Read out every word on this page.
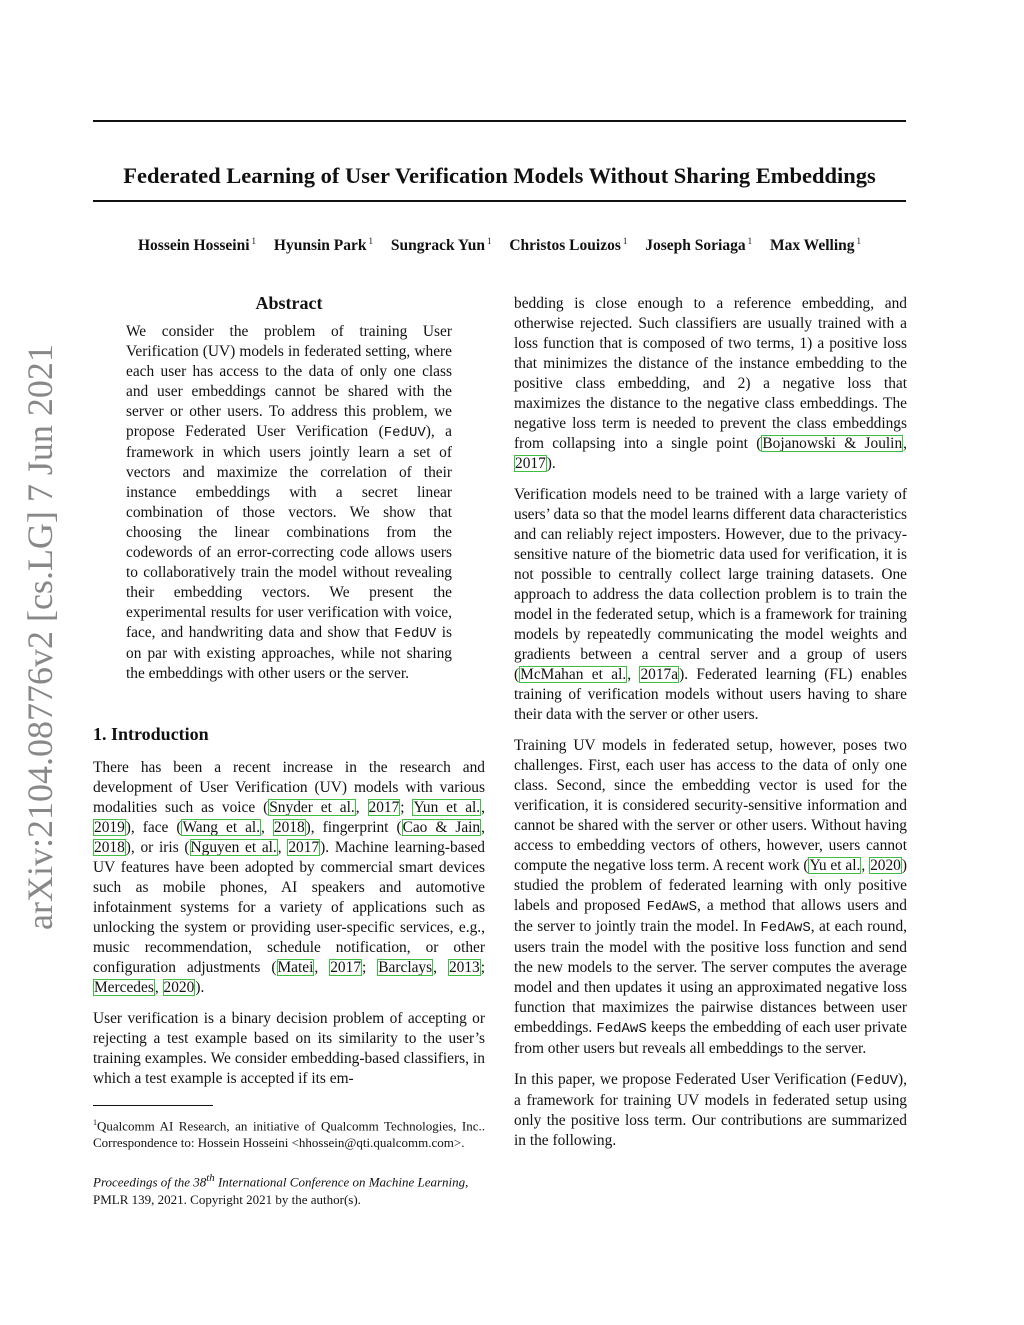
Federated Learning of User Verification Models Without Sharing Embeddings
Hossein Hosseini $^1$ Hyunsin Park $^1$ Sungrack Yun $^1$ Christos Louizos $^1$ Joseph Soriaga $^1$ Max Welling $^1$
arXiv:2104.08776v2 [cs.LG] 7 Jun 2021
Abstract

We consider the problem of training User Verification (UV) models in federated setting, where each user has access to the data of only one class and user embeddings cannot be shared with the server or other users. To address this problem, we propose Federated User Verification (FedUV), a framework in which users jointly learn a set of vectors and maximize the correlation of their instance embeddings with a secret linear combination of those vectors. We show that choosing the linear combinations from the codewords of an error-correcting code allows users to collaboratively train the model without revealing their embedding vectors. We present the experimental results for user verification with voice, face, and handwriting data and show that FedUV is on par with existing approaches, while not sharing the embeddings with other users or the server.

1. Introduction

There has been a recent increase in the research and development of User Verification (UV) models with various modalities such as voice (Snyder et al., 2017; Yun et al., 2019), face (Wang et al., 2018), fingerprint (Cao & Jain, 2018), or iris (Nguyen et al., 2017). Machine learning-based UV features have been adopted by commercial smart devices such as mobile phones, AI speakers and automotive infotainment systems for a variety of applications such as unlocking the system or providing user-specific services, e.g., music recommendation, schedule notification, or other configuration adjustments (Matei, 2017; Barclays, 2013; Mercedes, 2020).

User verification is a binary decision problem of accepting or rejecting a test example based on its similarity to the user’s training examples. We consider embedding-based classifiers, in which a test example is accepted if its em-

$^1$Qualcomm AI Research, an initiative of Qualcomm Technologies, Inc.. Correspondence to: Hossein Hosseini <hhossein@qti.qualcomm.com>.
Proceedings of the 38th International Conference on Machine Learning, PMLR 139, 2021. Copyright 2021 by the author(s).

bedding is close enough to a reference embedding, and otherwise rejected. Such classifiers are usually trained with a loss function that is composed of two terms, 1) a positive loss that minimizes the distance of the instance embedding to the positive class embedding, and 2) a negative loss that maximizes the distance to the negative class embeddings. The negative loss term is needed to prevent the class embeddings from collapsing into a single point (Bojanowski & Joulin, 2017).

Verification models need to be trained with a large variety of users’ data so that the model learns different data characteristics and can reliably reject imposters. However, due to the privacy-sensitive nature of the biometric data used for verification, it is not possible to centrally collect large training datasets. One approach to address the data collection problem is to train the model in the federated setup, which is a framework for training models by repeatedly communicating the model weights and gradients between a central server and a group of users (McMahan et al., 2017a). Federated learning (FL) enables training of verification models without users having to share their data with the server or other users.

Training UV models in federated setup, however, poses two challenges. First, each user has access to the data of only one class. Second, since the embedding vector is used for the verification, it is considered security-sensitive information and cannot be shared with the server or other users. Without having access to embedding vectors of others, however, users cannot compute the negative loss term. A recent work (Yu et al., 2020) studied the problem of federated learning with only positive labels and proposed FedAwS, a method that allows users and the server to jointly train the model. In FedAwS, at each round, users train the model with the positive loss function and send the new models to the server. The server computes the average model and then updates it using an approximated negative loss function that maximizes the pairwise distances between user embeddings. FedAwS keeps the embedding of each user private from other users but reveals all embeddings to the server.

In this paper, we propose Federated User Verification (FedUV), a framework for training UV models in federated setup using only the positive loss term. Our contributions are summarized in the following.
